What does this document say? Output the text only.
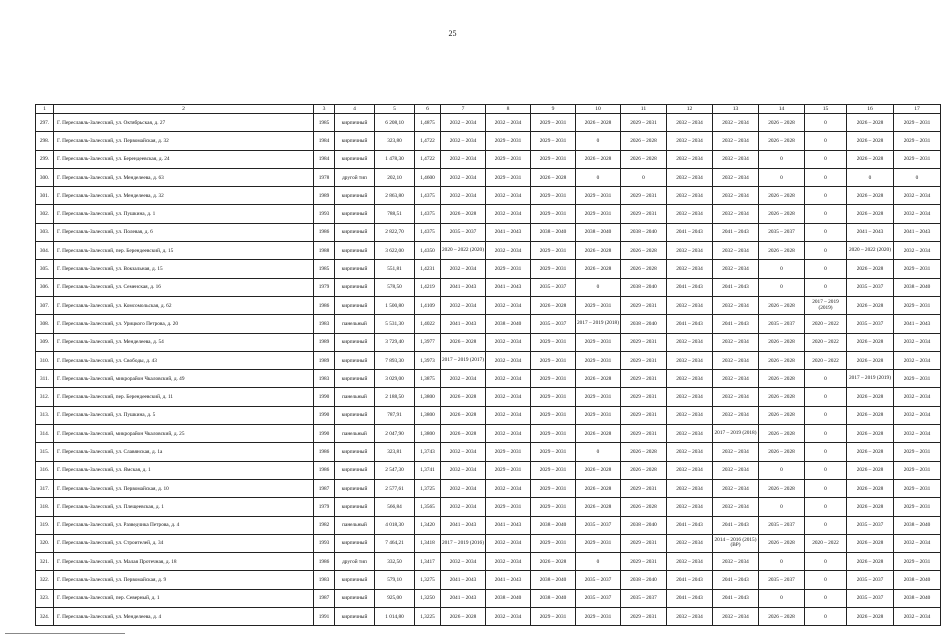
25
1	2	3	4	5	6	7	8	9	10	11	12	13	14	15	16	17
297.	Г. Переславль-Залесский, ул. Октябрьская, д. 27	1985	кирпичный	6 208,10	1,4875	2032 – 2034	2032 – 2034	2029 – 2031	2026 – 2028	2029 – 2031	2032 – 2034	2032 – 2034	2026 – 2028	0	2026 – 2028	2029 – 2031
298.	Г. Переславль-Залесский, ул. Первомайская, д. 32	1984	кирпичный	323,80	1,4722	2032 – 2034	2029 – 2031	2029 – 2031	0	2026 – 2028	2032 – 2034	2032 – 2034	2026 – 2028	0	2026 – 2028	2029 – 2031
299.	Г. Переславль-Залесский, ул. Берендеевская, д. 24	1984	кирпичный	1 478,30	1,4722	2032 – 2034	2029 – 2031	2029 – 2031	2026 – 2028	2026 – 2028	2032 – 2034	2032 – 2034	0	0	2026 – 2028	2029 – 2031
300.	Г. Переславль-Залесский, ул. Менделеева, д. 63	1978	другой тип	202,10	1,4600	2032 – 2034	2029 – 2031	2026 – 2028	0	0	2032 – 2034	2032 – 2034	0	0	0	0
301.	Г. Переславль-Залесский, ул. Менделеева, д. 32	1989	кирпичный	2 863,80	1,4375	2032 – 2034	2032 – 2034	2029 – 2031	2029 – 2031	2029 – 2031	2032 – 2034	2032 – 2034	2026 – 2028	0	2026 – 2028	2032 – 2034
302.	Г. Переславль-Залесский, ул. Пушкина, д. 1	1993	кирпичный	788,51	1,4375	2026 – 2028	2032 – 2034	2029 – 2031	2029 – 2031	2029 – 2031	2032 – 2034	2032 – 2034	2026 – 2028	0	2026 – 2028	2032 – 2034
303.	Г. Переславль-Залесский, ул. Полевая, д. 6	1986	кирпичный	2 822,70	1,4375	2035 – 2037	2041 – 2043	2038 – 2040	2038 – 2040	2038 – 2040	2041 – 2043	2041 – 2043	2035 – 2037	0	2041 – 2043	2041 – 2043
304.	Г. Переславль-Залесский, пер. Берендеевский, д. 15	1988	кирпичный	3 622,00	1,4350	2020 – 2022 (2020)	2032 – 2034	2029 – 2031	2026 – 2028	2026 – 2028	2032 – 2034	2032 – 2034	2026 – 2028	0	2020 – 2022 (2020)	2032 – 2034
305.	Г. Переславль-Залесский, ул. Вокзальная, д. 15	1985	кирпичный	551,81	1,4231	2032 – 2034	2029 – 2031	2029 – 2031	2026 – 2028	2026 – 2028	2032 – 2034	2032 – 2034	0	0	2026 – 2028	2029 – 2031
306.	Г. Переславль-Залесский, ул. Семенская, д. 16	1979	кирпичный	578,50	1,4219	2041 – 2043	2041 – 2043	2035 – 2037	0	2038 – 2040	2041 – 2043	2041 – 2043	0	0	2035 – 2037	2038 – 2040
307.	Г. Переславль-Залесский, ул. Комсомольская, д. 62	1986	кирпичный	1 500,80	1,4109	2032 – 2034	2032 – 2034	2026 – 2028	2029 – 2031	2029 – 2031	2032 – 2034	2032 – 2034	2026 – 2028	2017 – 2019 (2019)	2026 – 2028	2029 – 2031
308.	Г. Переславль-Залесский, ул. Урицкого Петрова, д. 20	1983	панельный	5 531,30	1,4022	2041 – 2043	2038 – 2040	2035 – 2037	2017 – 2019 (2018)	2038 – 2040	2041 – 2043	2041 – 2043	2035 – 2037	2020 – 2022	2035 – 2037	2041 – 2043
309.	Г. Переславль-Залесский, ул. Менделеева, д. 54	1989	кирпичный	3 729,40	1,3977	2026 – 2028	2032 – 2034	2029 – 2031	2029 – 2031	2029 – 2031	2032 – 2034	2032 – 2034	2026 – 2028	2020 – 2022	2026 – 2028	2032 – 2034
310.	Г. Переславль-Залесский, ул. Свободы, д. 43	1989	кирпичный	7 893,30	1,3973	2017 – 2019 (2017)	2032 – 2034	2029 – 2031	2029 – 2031	2029 – 2031	2032 – 2034	2032 – 2034	2026 – 2028	2020 – 2022	2026 – 2028	2032 – 2034
311.	Г. Переславль-Залесский, микрорайон Чкаловский, д. 49	1983	кирпичный	3 029,00	1,3875	2032 – 2034	2032 – 2034	2029 – 2031	2026 – 2028	2029 – 2031	2032 – 2034	2032 – 2034	2026 – 2028	0	2017 – 2019 (2019)	2029 – 2031
312.	Г. Переславль-Залесский, пер. Берендеевский, д. 11	1990	панельный	2 188,50	1,3800	2026 – 2028	2032 – 2034	2029 – 2031	2029 – 2031	2029 – 2031	2032 – 2034	2032 – 2034	2026 – 2028	0	2026 – 2028	2032 – 2034
313.	Г. Переславль-Залесский, ул. Пушкина, д. 5	1990	кирпичный	787,91	1,3800	2026 – 2028	2032 – 2034	2029 – 2031	2029 – 2031	2029 – 2031	2032 – 2034	2032 – 2034	2026 – 2028	0	2026 – 2028	2032 – 2034
314.	Г. Переславль-Залесский, микрорайон Чкаловский, д. 25	1990	панельный	2 047,90	1,3800	2026 – 2028	2032 – 2034	2029 – 2031	2026 – 2028	2029 – 2031	2032 – 2034	2017 – 2019 (2018)	2026 – 2028	0	2026 – 2028	2032 – 2034
315.	Г. Переславль-Залесский, ул. Славянская, д. 1а	1986	кирпичный	323,81	1,3743	2032 – 2034	2029 – 2031	2029 – 2031	0	2026 – 2028	2032 – 2034	2032 – 2034	2026 – 2028	0	2026 – 2028	2029 – 2031
316.	Г. Переславль-Залесский, ул. Ямская, д. 1	1986	кирпичный	2 547,30	1,3741	2032 – 2034	2029 – 2031	2029 – 2031	2026 – 2028	2026 – 2028	2032 – 2034	2032 – 2034	0	0	2026 – 2028	2029 – 2031
317.	Г. Переславль-Залесский, ул. Первомайская, д. 10	1987	кирпичный	2 577,61	1,3725	2032 – 2034	2032 – 2034	2029 – 2031	2026 – 2028	2029 – 2031	2032 – 2034	2032 – 2034	2026 – 2028	0	2026 – 2028	2029 – 2031
318.	Г. Переславль-Залесский, ул. Плещеевская, д. 1	1979	кирпичный	566,84	1,3565	2032 – 2034	2029 – 2031	2029 – 2031	2026 – 2028	2026 – 2028	2032 – 2034	2032 – 2034	0	0	2026 – 2028	2029 – 2031
319.	Г. Переславль-Залесский, ул. Разведчика Петрова, д. 4	1982	панельный	4 018,30	1,3420	2041 – 2043	2041 – 2043	2038 – 2040	2035 – 2037	2038 – 2040	2041 – 2043	2041 – 2043	2035 – 2037	0	2035 – 2037	2038 – 2040
320.	Г. Переславль-Залесский, ул. Строителей, д. 34	1993	кирпичный	7 464,21	1,3418	2017 – 2019 (2016)	2032 – 2034	2029 – 2031	2029 – 2031	2029 – 2031	2032 – 2034	2014 – 2016 (2015) (ВР)	2026 – 2028	2020 – 2022	2026 – 2028	2032 – 2034
321.	Г. Переславль-Залесский, ул. Малая Протечная, д. 18	1986	другой тип	332,50	1,3417	2032 – 2034	2032 – 2034	2026 – 2028	0	2029 – 2031	2032 – 2034	2032 – 2034	0	0	2026 – 2028	2029 – 2031
322.	Г. Переславль-Залесский, ул. Первомайская, д. 9	1983	кирпичный	579,10	1,3275	2041 – 2043	2041 – 2043	2038 – 2040	2035 – 2037	2038 – 2040	2041 – 2043	2041 – 2043	2035 – 2037	0	2035 – 2037	2038 – 2040
323.	Г. Переславль-Залесский, пер. Северный, д. 1	1987	кирпичный	925,00	1,3250	2041 – 2043	2038 – 2040	2038 – 2040	2035 – 2037	2035 – 2037	2041 – 2043	2041 – 2043	0	0	2035 – 2037	2038 – 2040
324.	Г. Переславль-Залесский, ул. Менделеева, д. 4	1991	кирпичный	1 014,80	1,3225	2026 – 2028	2032 – 2034	2029 – 2031	2029 – 2031	2029 – 2031	2032 – 2034	2032 – 2034	2026 – 2028	0	2026 – 2028	2032 – 2034
